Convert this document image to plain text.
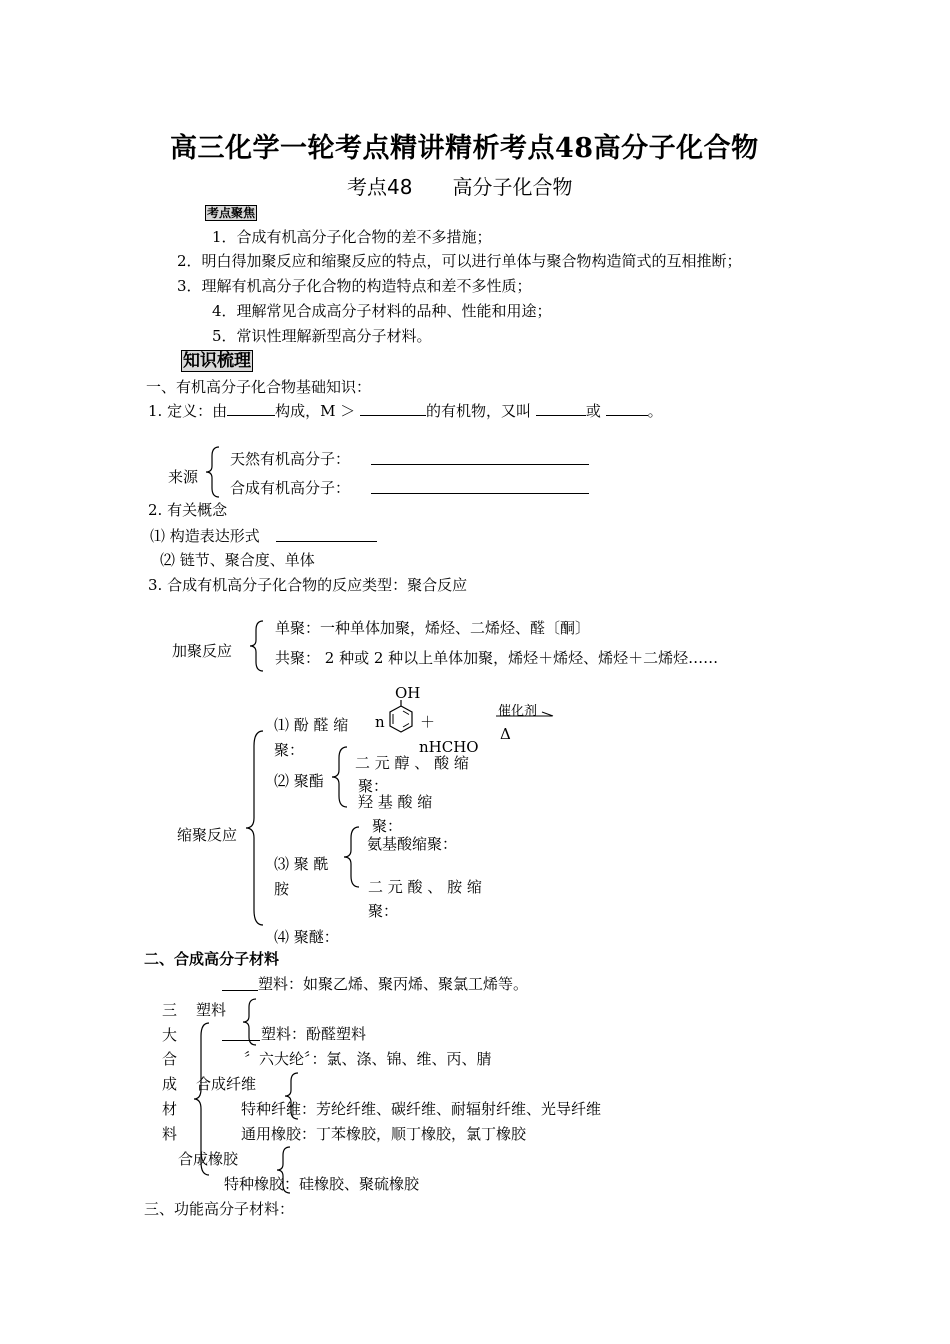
高三化学一轮考点精讲精析考点48高分子化合物
考点48　　高分子化合物
考点聚焦
1．合成有机高分子化合物的差不多措施；
2．明白得加聚反应和缩聚反应的特点，可以进行单体与聚合物构造简式的互相推断；
3．理解有机高分子化合物的构造特点和差不多性质；
4．理解常见合成高分子材料的品种、性能和用途；
5．常识性理解新型高分子材料。
知识梳理
一、有机高分子化合物基础知识：
1. 定义：由	构成，M ＞	的有机物，又叫	或	。
来源
天然有机高分子：
合成有机高分子：
2. 有关概念
⑴ 构造表达形式
⑵ 链节、聚合度、单体
3. 合成有机高分子化合物的反应类型：聚合反应
加聚反应
单聚：一种单体加聚，烯烃、二烯烃、醛〔酮〕
共聚： 2 种或 2 种以上单体加聚，烯烃＋烯烃、烯烃＋二烯烃……
缩聚反应
⑴ 酚 醛 缩
聚：
OH
n ＋
nHCHO
催化剂
Δ
⑵ 聚酯
二 元 醇 、 酸 缩
聚：
羟 基 酸 缩
聚：
⑶ 聚 酰
胺
氨基酸缩聚：
二 元 酸 、 胺 缩
聚：
⑷ 聚醚：
二、合成高分子材料
塑料：如聚乙烯、聚丙烯、聚氯工烯等。
三 塑料
大	塑料：酚醛塑料
合	〞六大纶〞：氯、涤、锦、维、丙、腈
成 合成纤维
材	特种纤维：芳纶纤维、碳纤维、耐辐射纤维、光导纤维
料	通用橡胶：丁苯橡胶，顺丁橡胶，氯丁橡胶
合成橡胶
特种橡胶：硅橡胶、聚硫橡胶
三、功能高分子材料：
